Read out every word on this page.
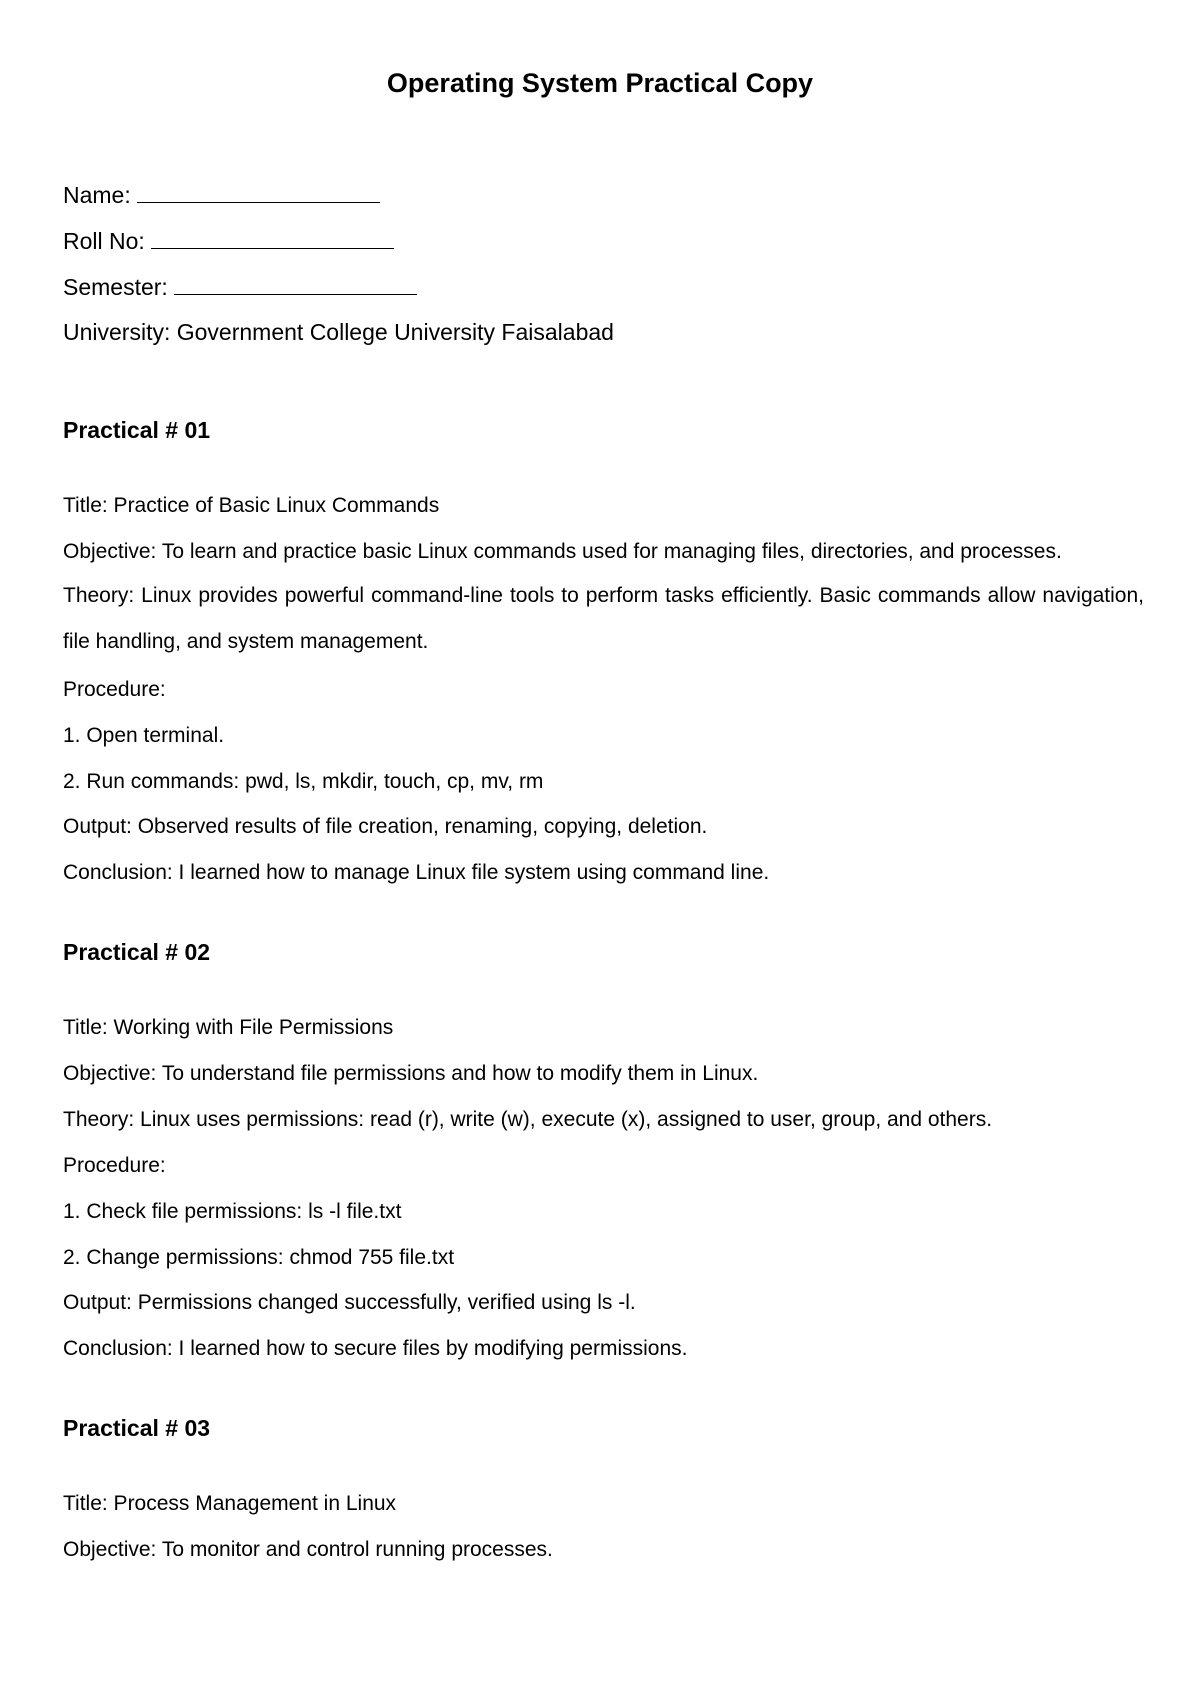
Operating System Practical Copy
Name:
Roll No:
Semester:
University: Government College University Faisalabad
Practical # 01
Title: Practice of Basic Linux Commands
Objective: To learn and practice basic Linux commands used for managing files, directories, and processes.
Theory: Linux provides powerful command-line tools to perform tasks efficiently. Basic commands allow navigation, file handling, and system management.
Procedure:
1. Open terminal.
2. Run commands: pwd, ls, mkdir, touch, cp, mv, rm
Output: Observed results of file creation, renaming, copying, deletion.
Conclusion: I learned how to manage Linux file system using command line.
Practical # 02
Title: Working with File Permissions
Objective: To understand file permissions and how to modify them in Linux.
Theory: Linux uses permissions: read (r), write (w), execute (x), assigned to user, group, and others.
Procedure:
1. Check file permissions: ls -l file.txt
2. Change permissions: chmod 755 file.txt
Output: Permissions changed successfully, verified using ls -l.
Conclusion: I learned how to secure files by modifying permissions.
Practical # 03
Title: Process Management in Linux
Objective: To monitor and control running processes.
